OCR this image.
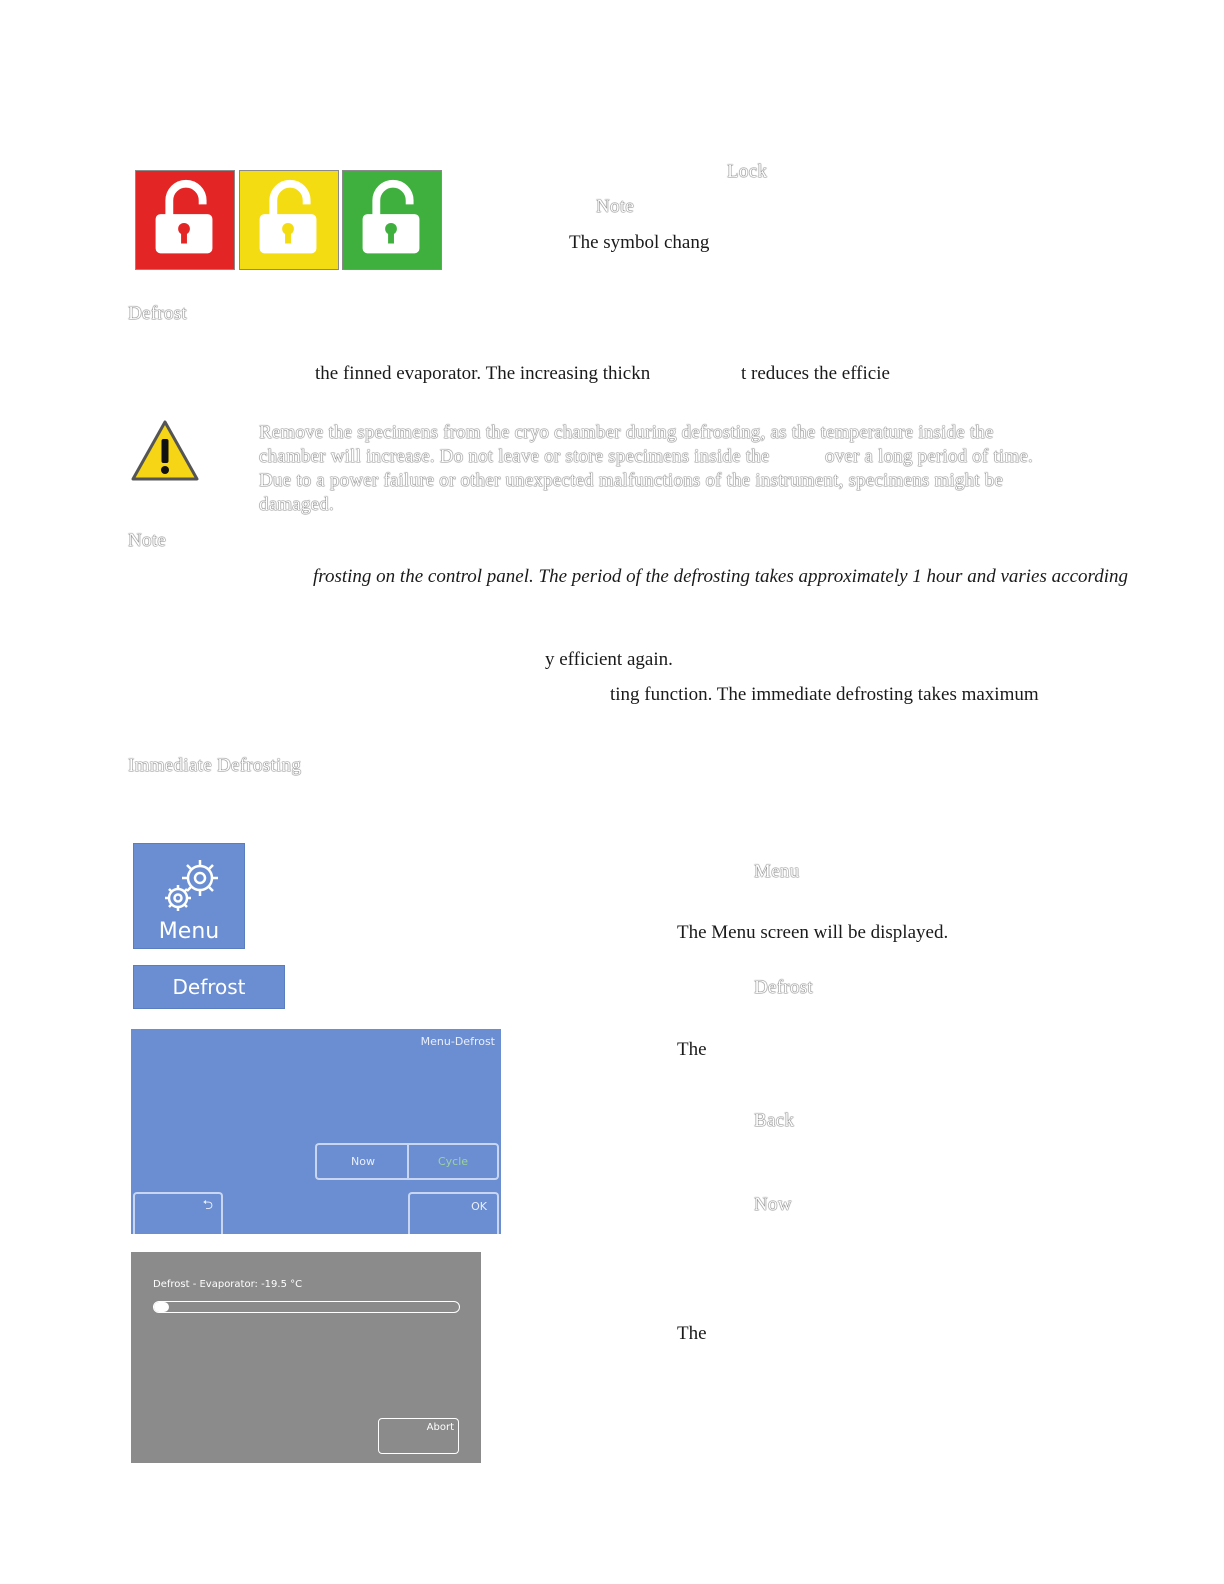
Lock
Note
The symbol chang
Defrost
the finned evaporator. The increasing thickn	t reduces the efficie
Remove the specimens from the cryo chamber during defrosting, as the temperature inside the
chamber will increase. Do not leave or store specimens inside the	over a long period of time.
Due to a power failure or other unexpected malfunctions of the instrument, specimens might be
damaged.
Note
frosting on the control panel. The period of the defrosting takes approximately 1 hour and varies according
y efficient again.
ting function. The immediate defrosting takes maximum
Immediate Defrosting
Menu
Defrost
Menu-Defrost
Now	Cycle
⮌	OK
Defrost - Evaporator: -19.5 °C
Abort
Menu
The Menu screen will be displayed.
Defrost
The
Back
Now
The
